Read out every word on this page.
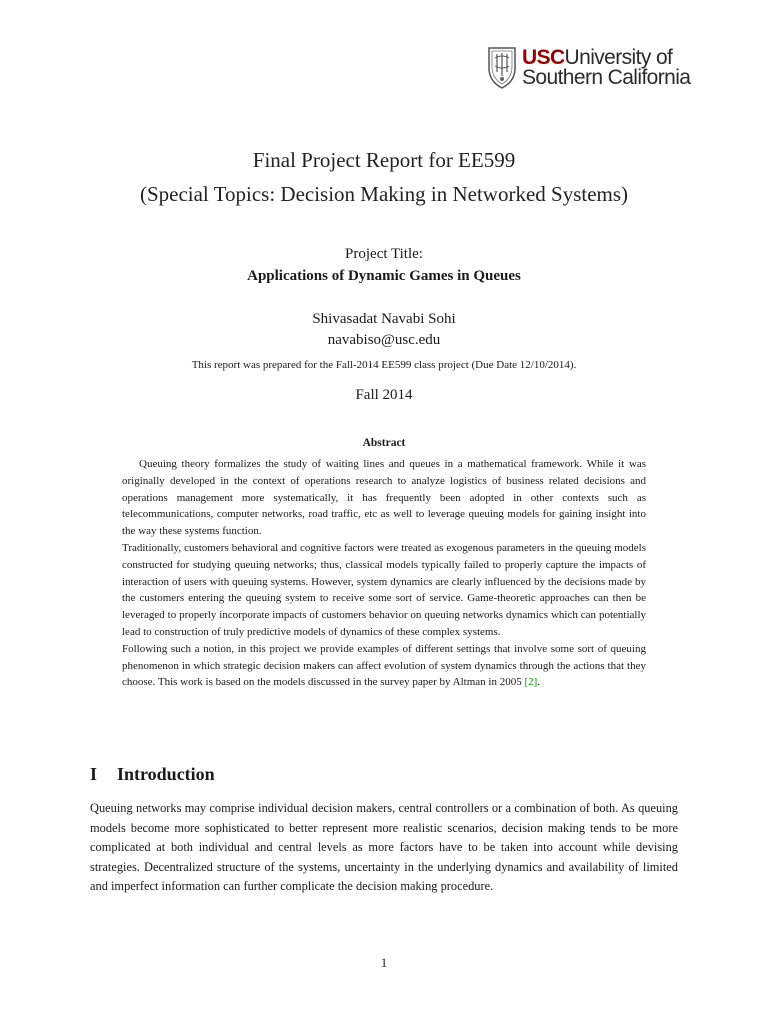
USCUniversity of
Southern California
Final Project Report for EE599
(Special Topics: Decision Making in Networked Systems)
Project Title:
Applications of Dynamic Games in Queues
Shivasadat Navabi Sohi
navabiso@usc.edu
This report was prepared for the Fall-2014 EE599 class project (Due Date 12/10/2014).
Fall 2014
Abstract

Queuing theory formalizes the study of waiting lines and queues in a mathematical framework. While it was originally developed in the context of operations research to analyze logistics of business related decisions and operations management more systematically, it has frequently been adopted in other contexts such as telecommunications, computer networks, road traffic, etc as well to leverage queuing models for gaining insight into the way these systems function.

Traditionally, customers behavioral and cognitive factors were treated as exogenous parameters in the queuing models constructed for studying queuing networks; thus, classical models typically failed to properly capture the impacts of interaction of users with queuing systems. However, system dynamics are clearly influenced by the decisions made by the customers entering the queuing system to receive some sort of service. Game-theoretic approaches can then be leveraged to properly incorporate impacts of customers behavior on queuing networks dynamics which can potentially lead to construction of truly predictive models of dynamics of these complex systems.

Following such a notion, in this project we provide examples of different settings that involve some sort of queuing phenomenon in which strategic decision makers can affect evolution of system dynamics through the actions that they choose. This work is based on the models discussed in the survey paper by Altman in 2005 [2].

I Introduction

Queuing networks may comprise individual decision makers, central controllers or a combination of both. As queuing models become more sophisticated to better represent more realistic scenarios, decision making tends to be more complicated at both individual and central levels as more factors have to be taken into account while devising strategies. Decentralized structure of the systems, uncertainty in the underlying dynamics and availability of limited and imperfect information can further complicate the decision making procedure.

1
